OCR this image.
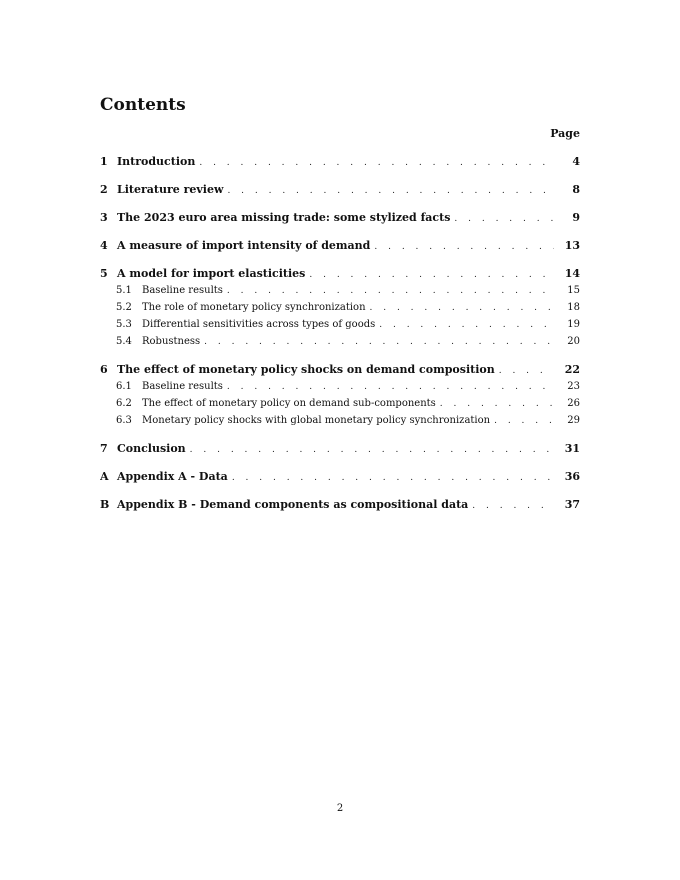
Contents
Page
1 Introduction . . .	4
2 Literature review . . .	8
3 The 2023 euro area missing trade: some stylized facts . . .	9
4 A measure of import intensity of demand . . .	13
5 A model for import elasticities . . .	14
5.1	Baseline results . . .	15
5.2	The role of monetary policy synchronization . . .	18
5.3	Differential sensitivities across types of goods . . .	19
5.4	Robustness . . .	20
6 The effect of monetary policy shocks on demand composition . . .	22
6.1	Baseline results . . .	23
6.2	The effect of monetary policy on demand sub-components . . .	26
6.3	Monetary policy shocks with global monetary policy synchronization . . .	29
7 Conclusion . . .	31
A Appendix A - Data . . .	36
B Appendix B - Demand components as compositional data . . .	37
2
